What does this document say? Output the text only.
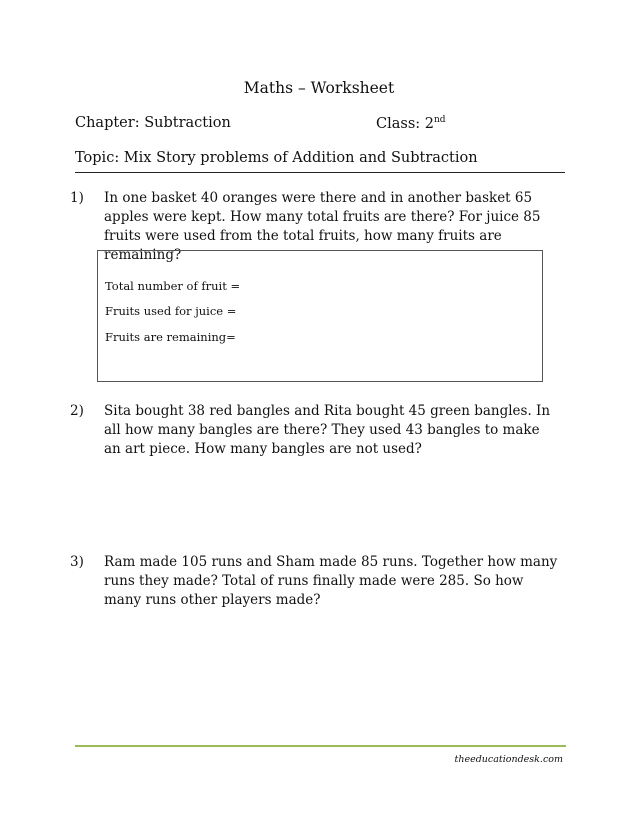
Maths – Worksheet
Chapter: Subtraction	Class: 2nd
Topic: Mix Story problems of Addition and Subtraction
1) In one basket 40 oranges were there and in another basket 65 apples were kept. How many total fruits are there? For juice 85 fruits were used from the total fruits, how many fruits are remaining?
Total number of fruit =
Fruits used for juice =
Fruits are remaining=
2) Sita bought 38 red bangles and Rita bought 45 green bangles. In all how many bangles are there? They used 43 bangles to make an art piece. How many bangles are not used?
3) Ram made 105 runs and Sham made 85 runs. Together how many runs they made? Total of runs finally made were 285. So how many runs other players made?
theeducationdesk.com
